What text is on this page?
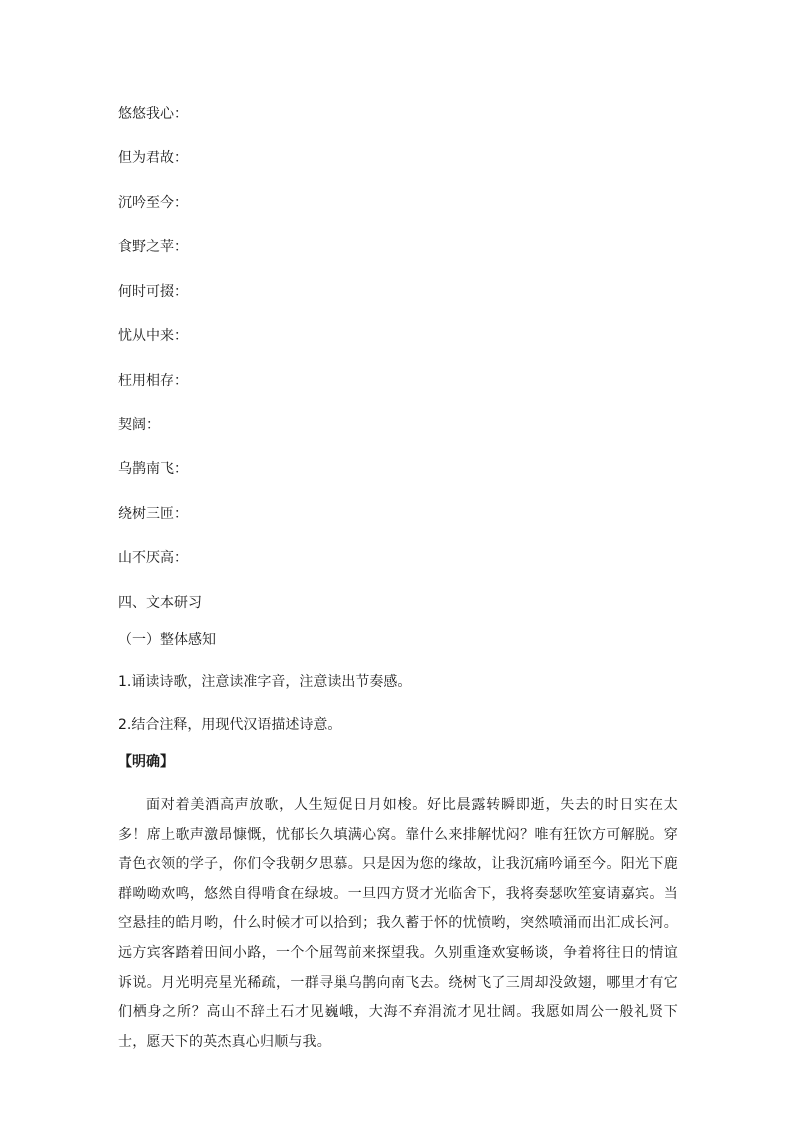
悠悠我心：
但为君故：
沉吟至今：
食野之苹：
何时可掇：
忧从中来：
枉用相存：
契阔：
乌鹊南飞：
绕树三匝：
山不厌高：
四、文本研习
（一）整体感知
1.诵读诗歌，注意读准字音，注意读出节奏感。
2.结合注释，用现代汉语描述诗意。
【明确】
面对着美酒高声放歌，人生短促日月如梭。好比晨露转瞬即逝，失去的时日实在太多！席上歌声激昂慷慨，忧郁长久填满心窝。靠什么来排解忧闷？唯有狂饮方可解脱。穿青色衣领的学子，你们令我朝夕思慕。只是因为您的缘故，让我沉痛吟诵至今。阳光下鹿群呦呦欢鸣，悠然自得啃食在绿坡。一旦四方贤才光临舍下，我将奏瑟吹笙宴请嘉宾。当空悬挂的皓月哟，什么时候才可以拾到；我久蓄于怀的忧愤哟，突然喷涌而出汇成长河。远方宾客踏着田间小路，一个个屈驾前来探望我。久别重逢欢宴畅谈，争着将往日的情谊诉说。月光明亮星光稀疏，一群寻巢乌鹊向南飞去。绕树飞了三周却没敛翅，哪里才有它们栖身之所？高山不辞土石才见巍峨，大海不弃涓流才见壮阔。我愿如周公一般礼贤下士，愿天下的英杰真心归顺与我。
